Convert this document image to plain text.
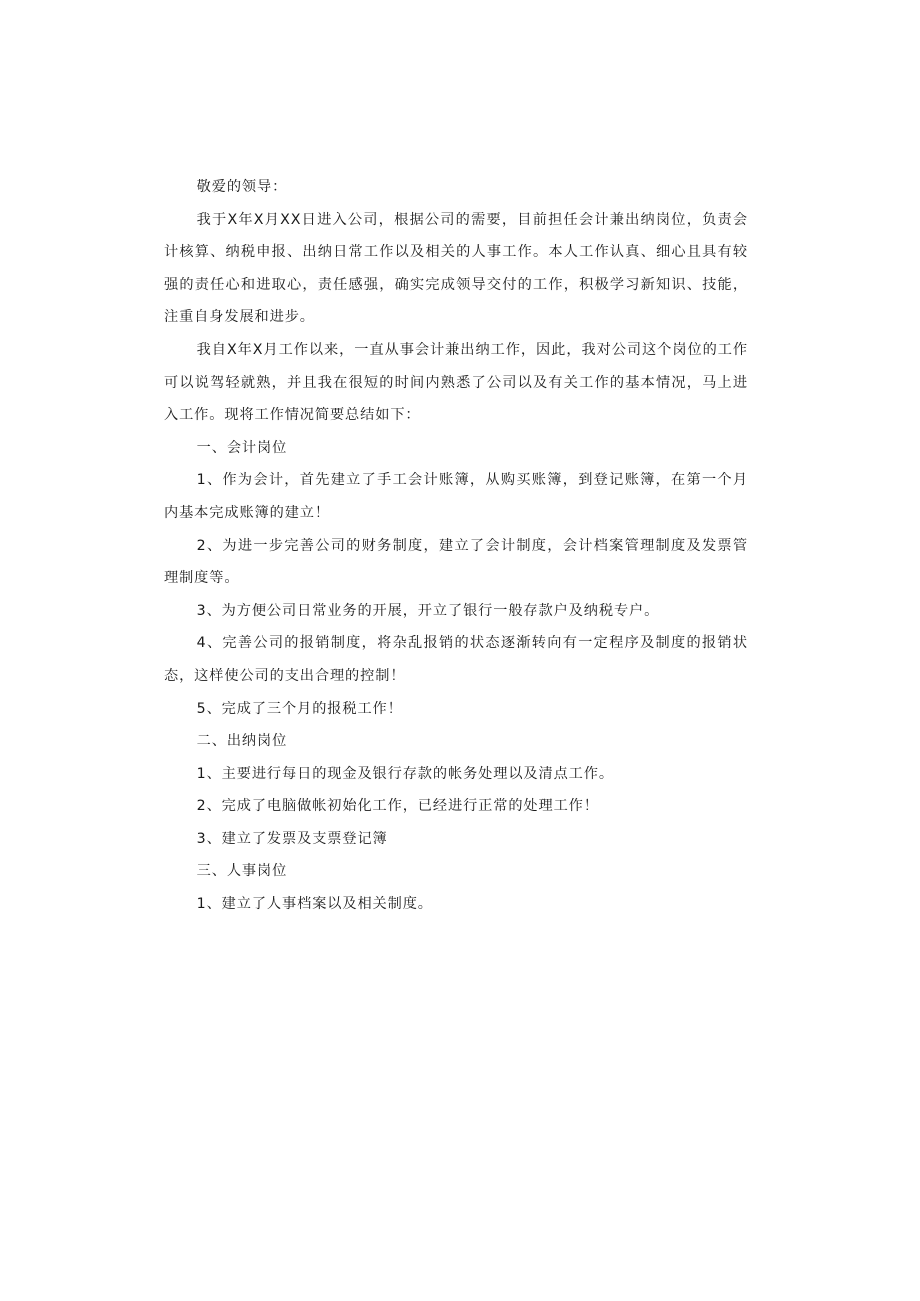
敬爱的领导：

我于X年X月XX日进入公司，根据公司的需要，目前担任会计兼出纳岗位，负责会计核算、纳税申报、出纳日常工作以及相关的人事工作。本人工作认真、细心且具有较强的责任心和进取心，责任感强，确实完成领导交付的工作，积极学习新知识、技能，注重自身发展和进步。

我自X年X月工作以来，一直从事会计兼出纳工作，因此，我对公司这个岗位的工作可以说驾轻就熟，并且我在很短的时间内熟悉了公司以及有关工作的基本情况，马上进入工作。现将工作情况简要总结如下：

一、会计岗位

1、作为会计，首先建立了手工会计账簿，从购买账簿，到登记账簿，在第一个月内基本完成账簿的建立！

2、为进一步完善公司的财务制度，建立了会计制度，会计档案管理制度及发票管理制度等。

3、为方便公司日常业务的开展，开立了银行一般存款户及纳税专户。

4、完善公司的报销制度，将杂乱报销的状态逐渐转向有一定程序及制度的报销状态，这样使公司的支出合理的控制！

5、完成了三个月的报税工作！

二、出纳岗位

1、主要进行每日的现金及银行存款的帐务处理以及清点工作。

2、完成了电脑做帐初始化工作，已经进行正常的处理工作！

3、建立了发票及支票登记簿

三、人事岗位

1、建立了人事档案以及相关制度。
